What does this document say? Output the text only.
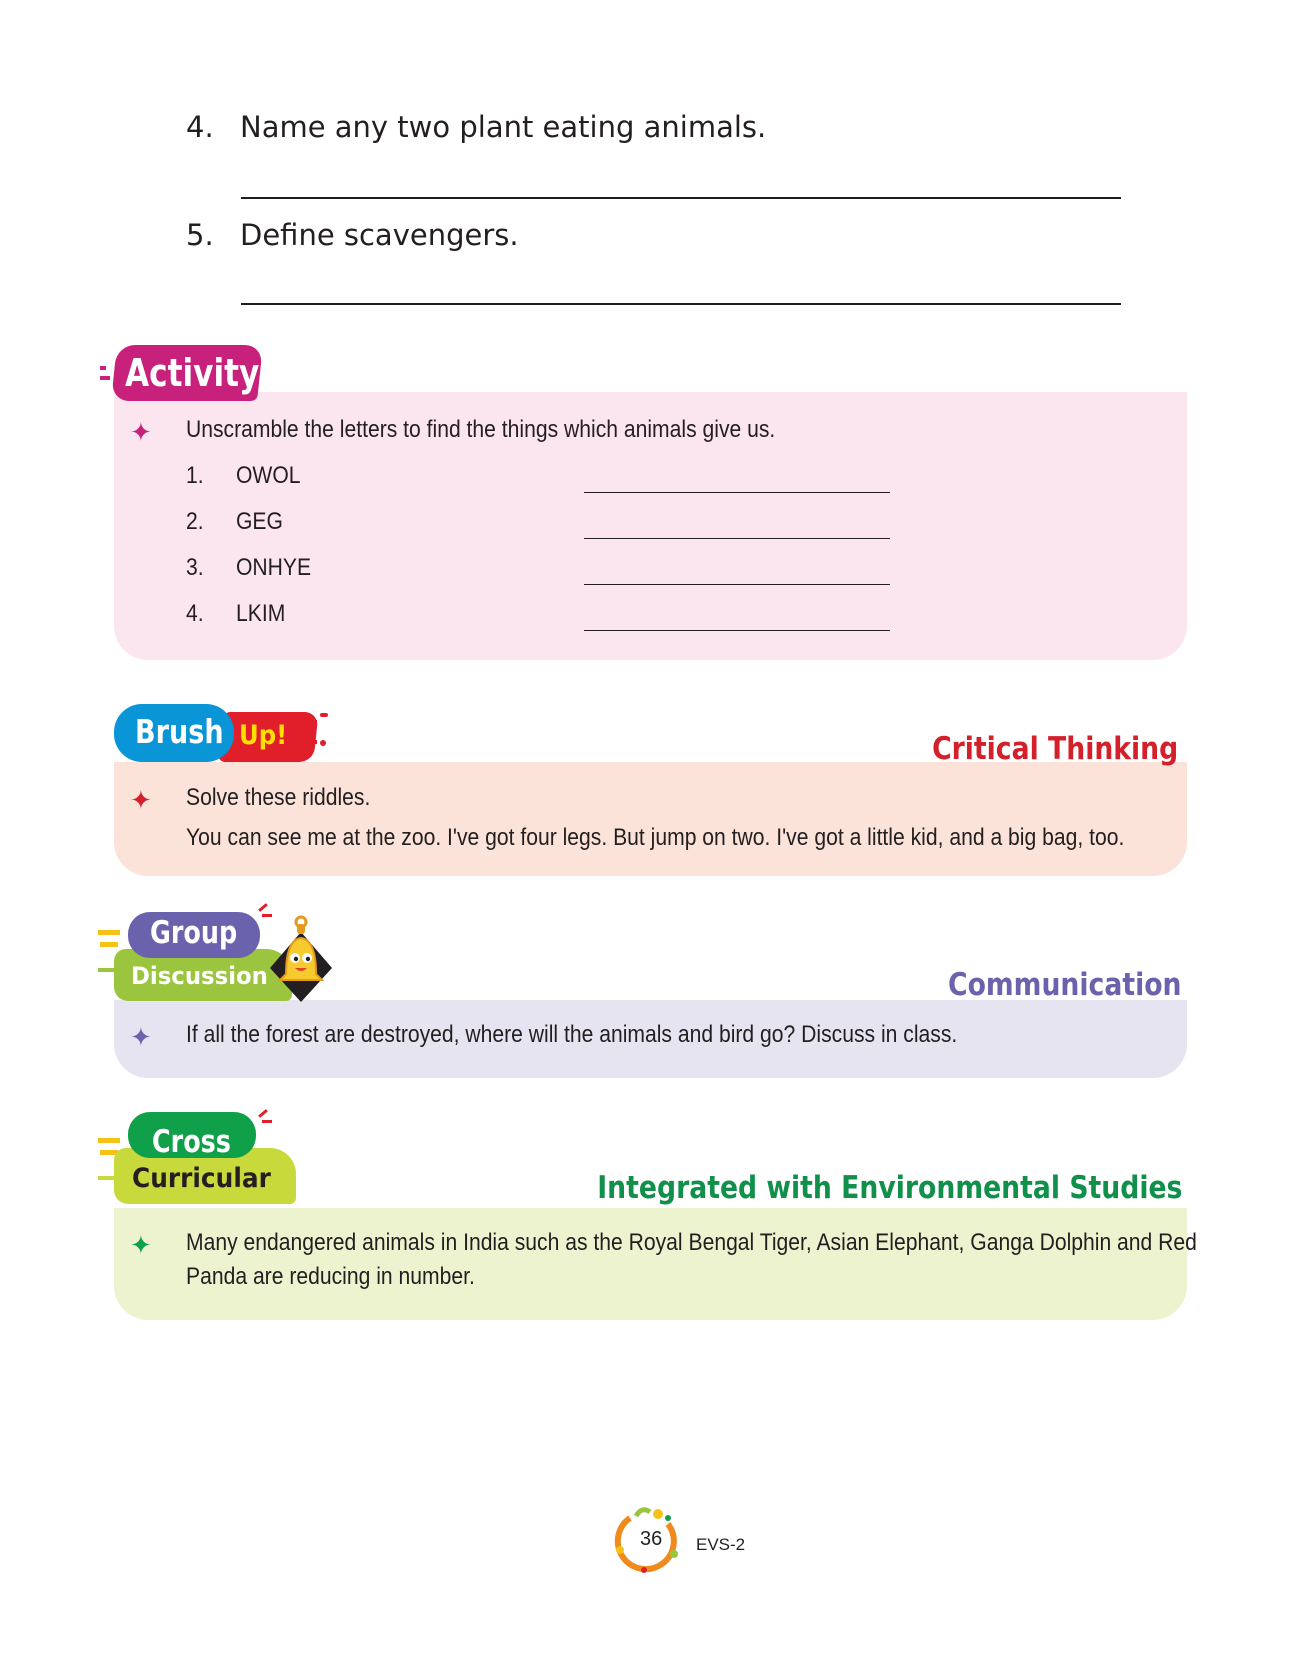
4. Name any two plant eating animals.
5. Define scavengers.
Activity
✦ Unscramble the letters to find the things which animals give us.
1. OWOL
2. GEG
3. ONHYE
4. LKIM
Brush Up!	Critical Thinking
✦ Solve these riddles.
You can see me at the zoo. I've got four legs. But jump on two. I've got a little kid, and a big bag, too.
Group
Discussion	Communication
✦ If all the forest are destroyed, where will the animals and bird go? Discuss in class.
Cross
Curricular	Integrated with Environmental Studies
✦ Many endangered animals in India such as the Royal Bengal Tiger, Asian Elephant, Ganga Dolphin and Red
Panda are reducing in number.
36 EVS-2
